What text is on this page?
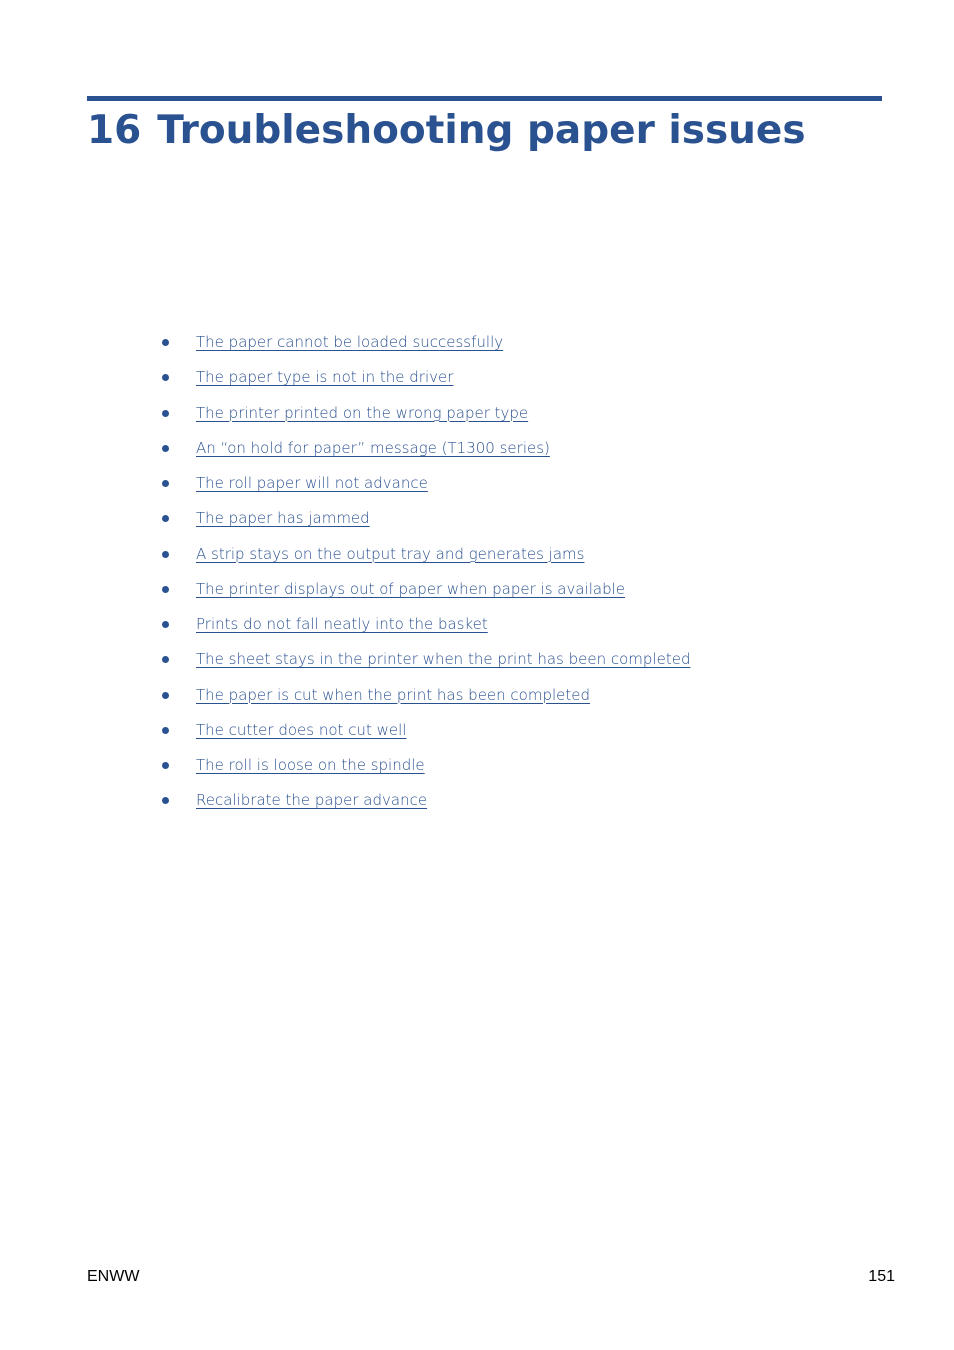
16 Troubleshooting paper issues
The paper cannot be loaded successfully
The paper type is not in the driver
The printer printed on the wrong paper type
An “on hold for paper” message (T1300 series)
The roll paper will not advance
The paper has jammed
A strip stays on the output tray and generates jams
The printer displays out of paper when paper is available
Prints do not fall neatly into the basket
The sheet stays in the printer when the print has been completed
The paper is cut when the print has been completed
The cutter does not cut well
The roll is loose on the spindle
Recalibrate the paper advance
ENWW	151
